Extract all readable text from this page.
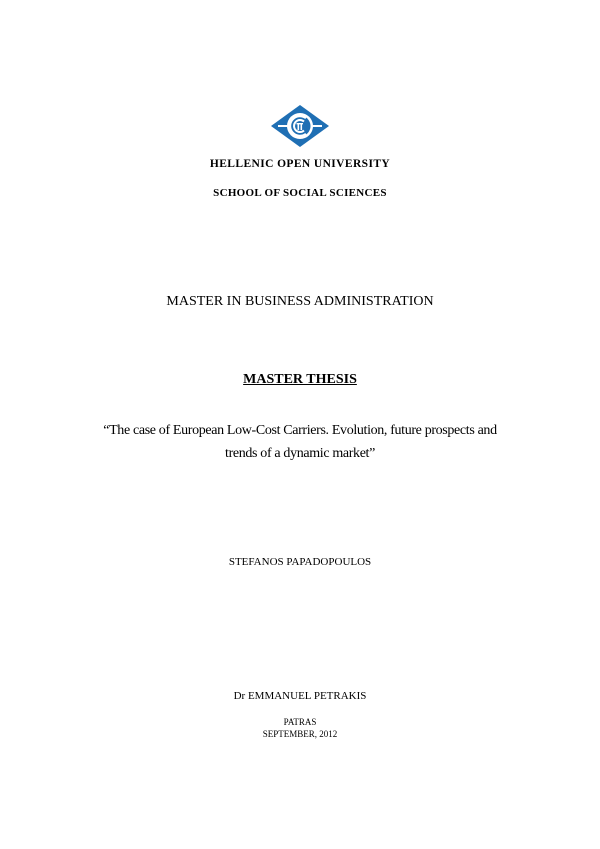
HELLENIC OPEN UNIVERSITY
SCHOOL OF SOCIAL SCIENCES
MASTER IN BUSINESS ADMINISTRATION
MASTER THESIS
“The case of European Low-Cost Carriers. Evolution, future prospects and
trends of a dynamic market”
STEFANOS PAPADOPOULOS
Dr EMMANUEL PETRAKIS
PATRAS
SEPTEMBER, 2012
